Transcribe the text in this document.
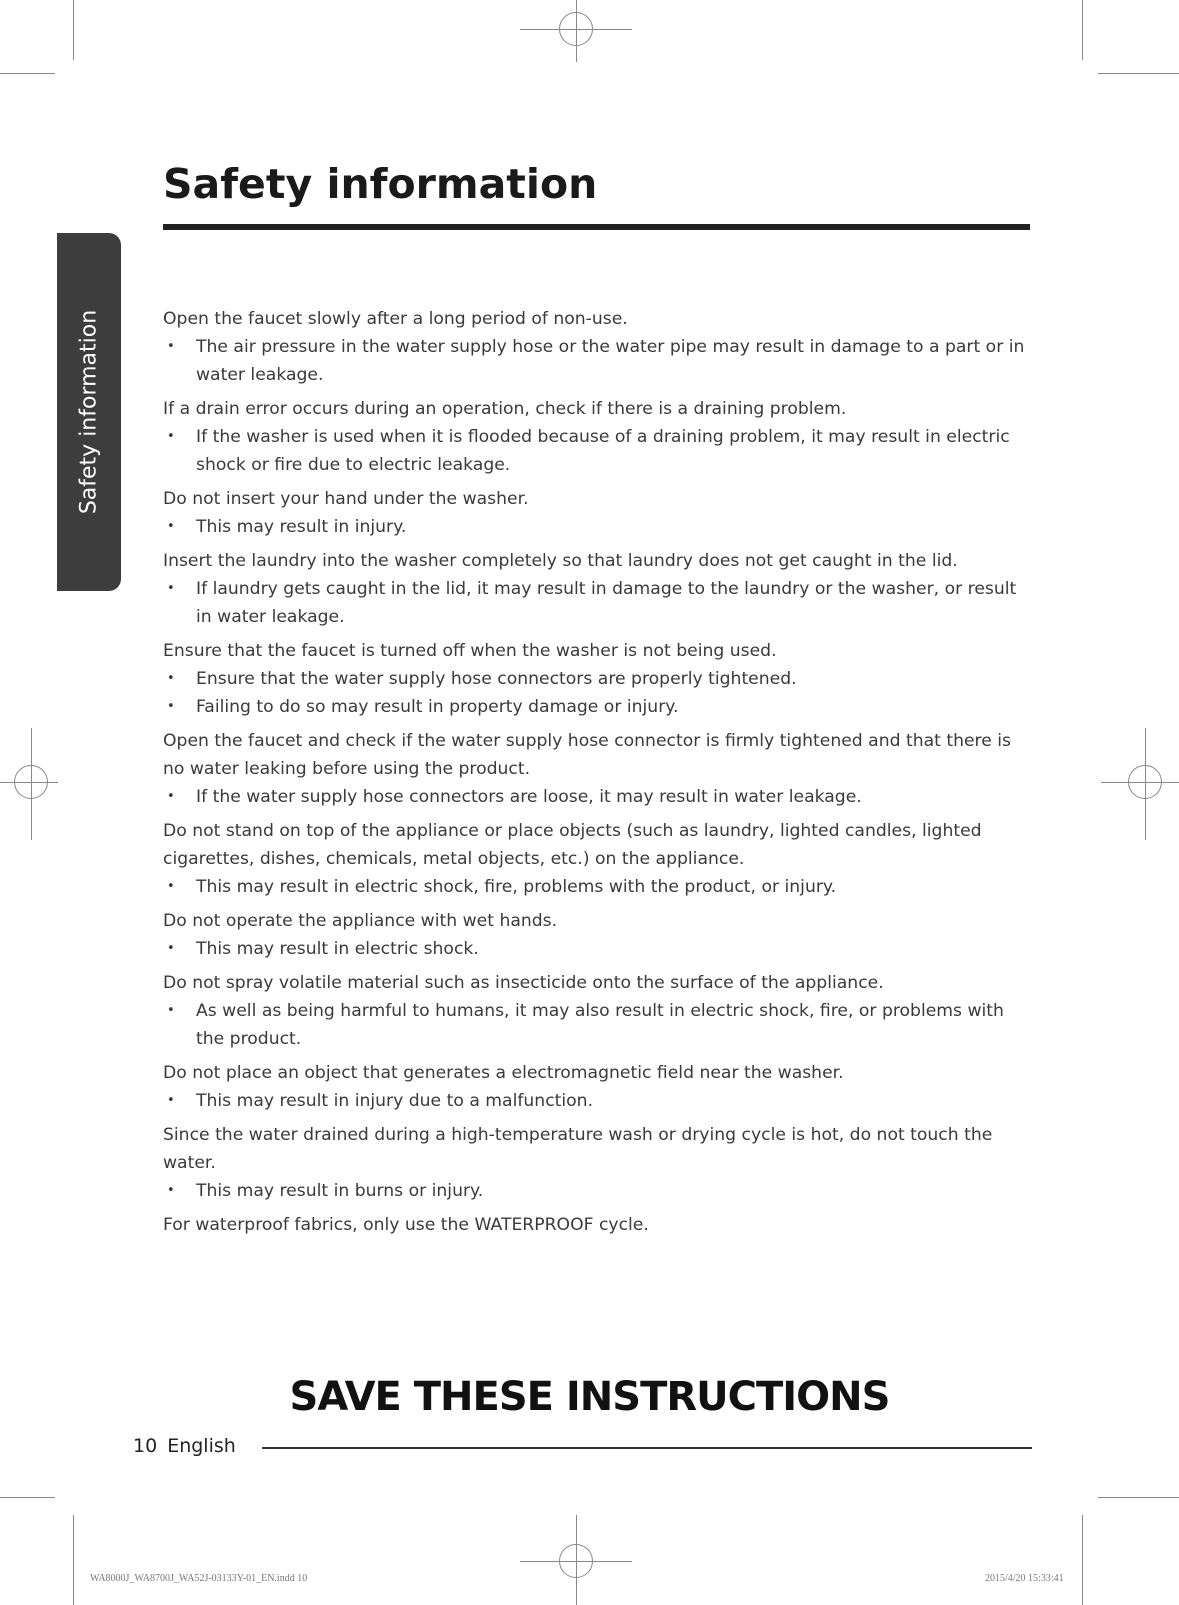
Safety information
Safety information

Open the faucet slowly after a long period of non-use.

• The air pressure in the water supply hose or the water pipe may result in damage to a part or in water leakage.

If a drain error occurs during an operation, check if there is a draining problem.

• If the washer is used when it is flooded because of a draining problem, it may result in electric shock or fire due to electric leakage.

Do not insert your hand under the washer.

• This may result in injury.

Insert the laundry into the washer completely so that laundry does not get caught in the lid.

• If laundry gets caught in the lid, it may result in damage to the laundry or the washer, or result in water leakage.

Ensure that the faucet is turned off when the washer is not being used.

• Ensure that the water supply hose connectors are properly tightened.

• Failing to do so may result in property damage or injury.

Open the faucet and check if the water supply hose connector is firmly tightened and that there is no water leaking before using the product.

• If the water supply hose connectors are loose, it may result in water leakage.

Do not stand on top of the appliance or place objects (such as laundry, lighted candles, lighted cigarettes, dishes, chemicals, metal objects, etc.) on the appliance.

• This may result in electric shock, fire, problems with the product, or injury.

Do not operate the appliance with wet hands.

• This may result in electric shock.

Do not spray volatile material such as insecticide onto the surface of the appliance.

• As well as being harmful to humans, it may also result in electric shock, fire, or problems with the product.

Do not place an object that generates a electromagnetic field near the washer.

• This may result in injury due to a malfunction.

Since the water drained during a high-temperature wash or drying cycle is hot, do not touch the water.

• This may result in burns or injury.

For waterproof fabrics, only use the WATERPROOF cycle.

SAVE THESE INSTRUCTIONS
10 English
WA8000J_WA8700J_WA52J-03133Y-01_EN.indd 10	2015/4/20 15:33:41
